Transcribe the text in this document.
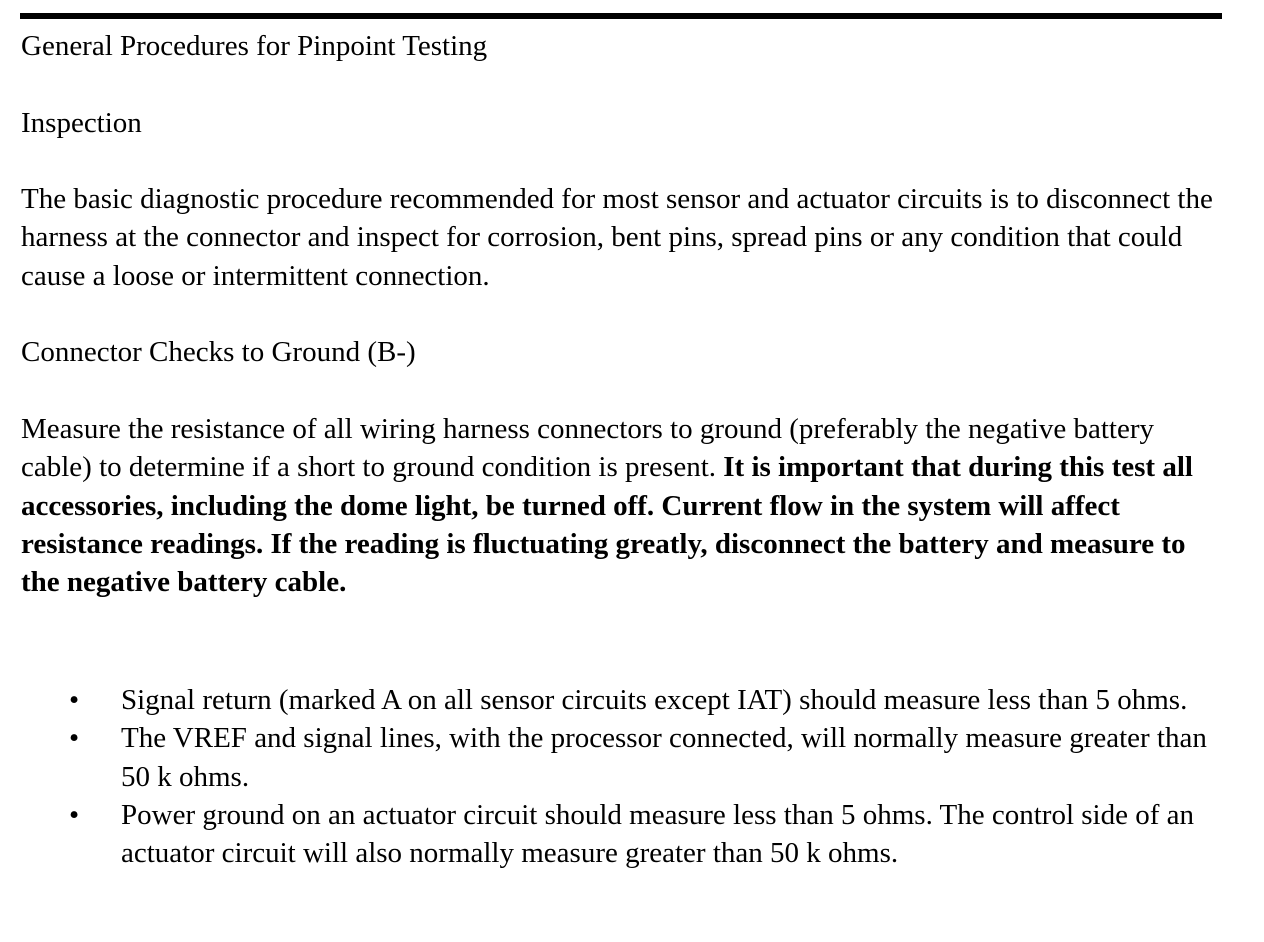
General Procedures for Pinpoint Testing

Inspection

The basic diagnostic procedure recommended for most sensor and actuator circuits is to disconnect the harness at the connector and inspect for corrosion, bent pins, spread pins or any condition that could cause a loose or intermittent connection.

Connector Checks to Ground (B-)

Measure the resistance of all wiring harness connectors to ground (preferably the negative battery cable) to determine if a short to ground condition is present. It is important that during this test all accessories, including the dome light, be turned off. Current flow in the system will affect resistance readings. If the reading is fluctuating greatly, disconnect the battery and measure to the negative battery cable.

• Signal return (marked A on all sensor circuits except IAT) should measure less than 5 ohms.
• The VREF and signal lines, with the processor connected, will normally measure greater than 50 k ohms.
• Power ground on an actuator circuit should measure less than 5 ohms. The control side of an actuator circuit will also normally measure greater than 50 k ohms.
